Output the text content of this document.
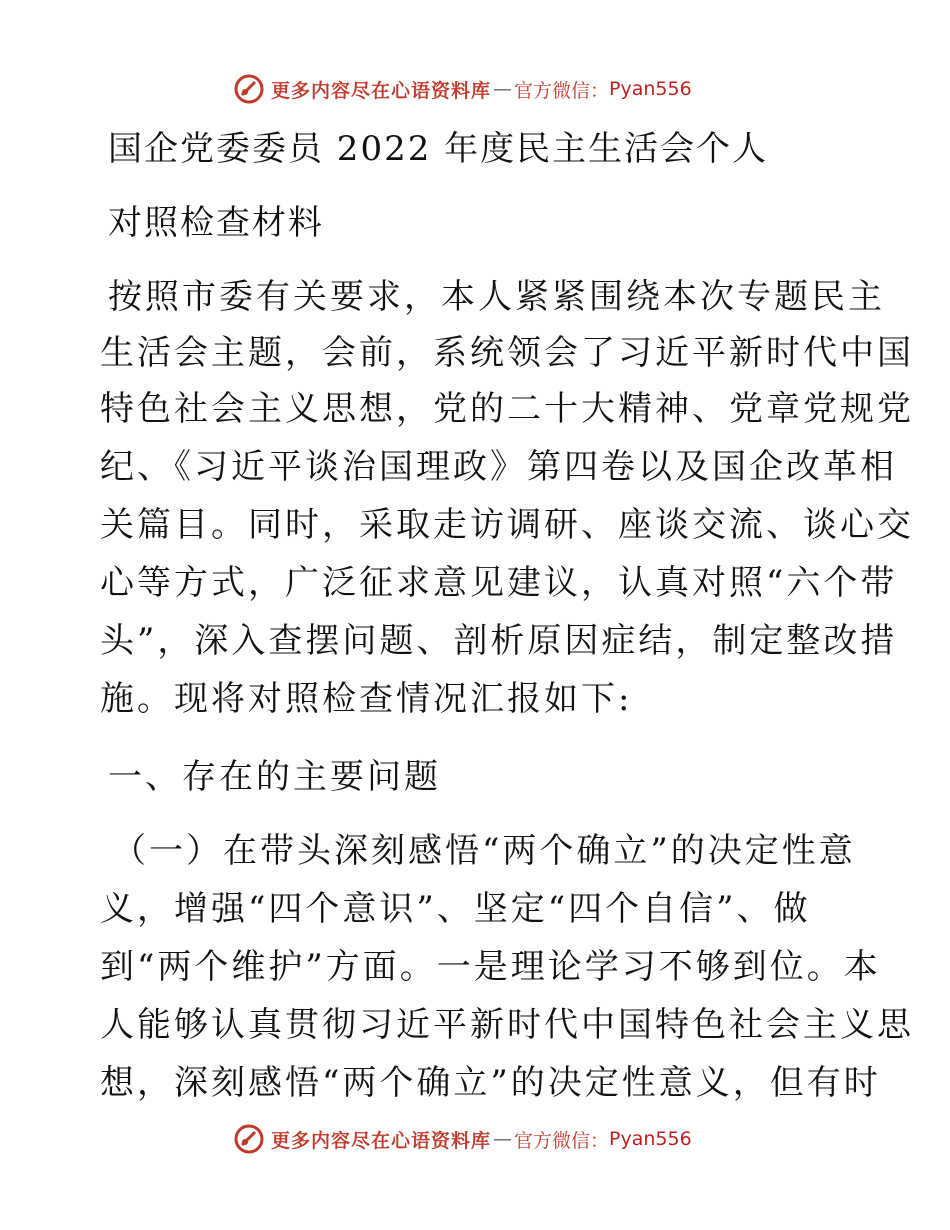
更多内容尽在心语资料库 — 官方微信： Pyan556
国企党委委员 2022 年度民主生活会个人
对照检查材料
按照市委有关要求，本人紧紧围绕本次专题民主
生活会主题，会前，系统领会了习近平新时代中国
特色社会主义思想，党的二十大精神、党章党规党
纪、《习近平谈治国理政》第四卷以及国企改革相
关篇目。同时，采取走访调研、座谈交流、谈心交
心等方式，广泛征求意见建议，认真对照“六个带
头”，深入查摆问题、剖析原因症结，制定整改措
施。现将对照检查情况汇报如下:
一、存在的主要问题
（一）在带头深刻感悟“两个确立”的决定性意
义，增强“四个意识”、坚定“四个自信”、做
到“两个维护”方面。一是理论学习不够到位。本
人能够认真贯彻习近平新时代中国特色社会主义思
想，深刻感悟“两个确立”的决定性意义，但有时
更多内容尽在心语资料库 — 官方微信： Pyan556
